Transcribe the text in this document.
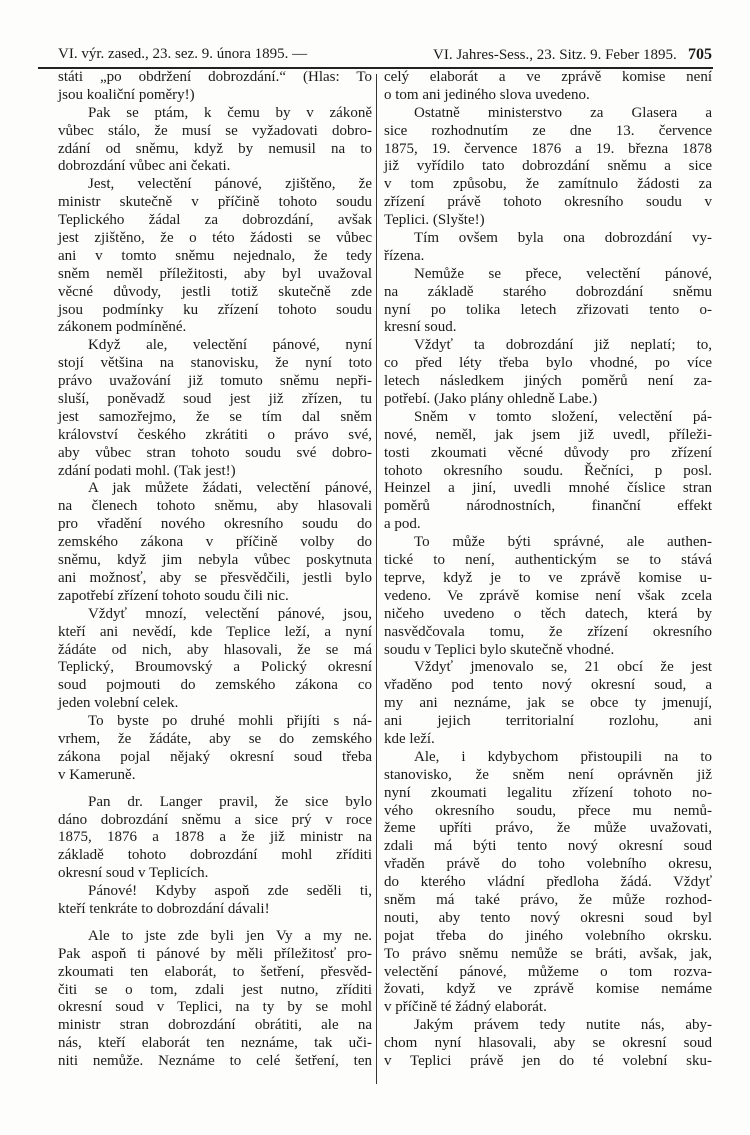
VI. výr. zased., 23. sez. 9. února 1895. —	VI. Jahres-Sess., 23. Sitz. 9. Feber 1895. 705
státi „po obdržení dobrozdání.“ (Hlas: To
jsou koaliční poměry!)
Pak se ptám, k čemu by v zákoně
vůbec stálo, že musí se vyžadovati dobro-
zdání od sněmu, když by nemusil na to
dobrozdání vůbec ani čekati.
Jest, velectění pánové, zjištěno, že
ministr skutečně v příčině tohoto soudu
Teplického žádal za dobrozdání, avšak
jest zjištěno, že o této žádosti se vůbec
ani v tomto sněmu nejednalo, že tedy
sněm neměl příležitosti, aby byl uvažoval
věcné důvody, jestli totiž skutečně zde
jsou podmínky ku zřízení tohoto soudu
zákonem podmíněné.
Když ale, velectění pánové, nyní
stojí většina na stanovisku, že nyní toto
právo uvažování již tomuto sněmu nepři-
sluší, poněvadž soud jest již zřízen, tu
jest samozřejmo, že se tím dal sněm
království českého zkrátiti o právo své,
aby vůbec stran tohoto soudu své dobro-
zdání podati mohl. (Tak jest!)
A jak můžete žádati, velectění pánové,
na členech tohoto sněmu, aby hlasovali
pro vřadění nového okresního soudu do
zemského zákona v příčině volby do
sněmu, když jim nebyla vůbec poskytnuta
ani možnosť, aby se přesvědčili, jestli bylo
zapotřebí zřízení tohoto soudu čili nic.
Vždyť mnozí, velectění pánové, jsou,
kteří ani nevědí, kde Teplice leží, a nyní
žádáte od nich, aby hlasovali, že se má
Teplický, Broumovský a Polický okresní
soud pojmouti do zemského zákona co
jeden volební celek.
To byste po druhé mohli přijíti s ná-
vrhem, že žádáte, aby se do zemského
zákona pojal nějaký okresní soud třeba
v Kameruně.
Pan dr. Langer pravil, že sice bylo
dáno dobrozdání sněmu a sice prý v roce
1875, 1876 a 1878 a že již ministr na
základě tohoto dobrozdání mohl zříditi
okresní soud v Teplicích.
Pánové! Kdyby aspoň zde seděli ti,
kteří tenkráte to dobrozdání dávali!
Ale to jste zde byli jen Vy a my ne.
Pak aspoň ti pánové by měli příležitosť pro-
zkoumati ten elaborát, to šetření, přesvěd-
čiti se o tom, zdali jest nutno, zříditi
okresní soud v Teplici, na ty by se mohl
ministr stran dobrozdání obrátiti, ale na
nás, kteří elaborát ten neznáme, tak uči-
niti nemůže. Neznáme to celé šetření, ten
celý elaborát a ve zprávě komise není
o tom ani jediného slova uvedeno.
Ostatně ministerstvo za Glasera a
sice rozhodnutím ze dne 13. července
1875, 19. července 1876 a 19. března 1878
již vyřídilo tato dobrozdání sněmu a sice
v tom způsobu, že zamítnulo žádosti za
zřízení právě tohoto okresního soudu v
Teplici. (Slyšte!)
Tím ovšem byla ona dobrozdání vy-
řízena.
Nemůže se přece, velectění pánové,
na základě starého dobrozdání sněmu
nyní po tolika letech zřizovati tento o-
kresní soud.
Vždyť ta dobrozdání již neplatí; to,
co před léty třeba bylo vhodné, po více
letech následkem jiných poměrů není za-
potřebí. (Jako plány ohledně Labe.)
Sněm v tomto složení, velectění pá-
nové, neměl, jak jsem již uvedl, příleži-
tosti zkoumati věcné důvody pro zřízení
tohoto okresního soudu. Řečníci, p posl.
Heinzel a jiní, uvedli mnohé číslice stran
poměrů národnostních, finanční effekt
a pod.
To může býti správné, ale authen-
tické to není, authentickým se to stává
teprve, když je to ve zprávě komise u-
vedeno. Ve zprávě komise není však zcela
ničeho uvedeno o těch datech, která by
nasvědčovala tomu, že zřízení okresního
soudu v Teplici bylo skutečně vhodné.
Vždyť jmenovalo se, 21 obcí že jest
vřaděno pod tento nový okresní soud, a
my ani neznáme, jak se obce ty jmenují,
ani jejich territorialní rozlohu, ani
kde leží.
Ale, i kdybychom přistoupili na to
stanovisko, že sněm není oprávněn již
nyní zkoumati legalitu zřízení tohoto no-
vého okresního soudu, přece mu nemů-
žeme upříti právo, že může uvažovati,
zdali má býti tento nový okresní soud
vřaděn právě do toho volebního okresu,
do kterého vládní předloha žádá. Vždyť
sněm má také právo, že může rozhod-
nouti, aby tento nový okresni soud byl
pojat třeba do jiného volebního okrsku.
To právo sněmu nemůže se bráti, avšak, jak,
velectění pánové, můžeme o tom rozva-
žovati, když ve zprávě komise nemáme
v příčině té žádný elaborát.
Jakým právem tedy nutite nás, aby-
chom nyní hlasovali, aby se okresní soud
v Teplici právě jen do té volební sku-
